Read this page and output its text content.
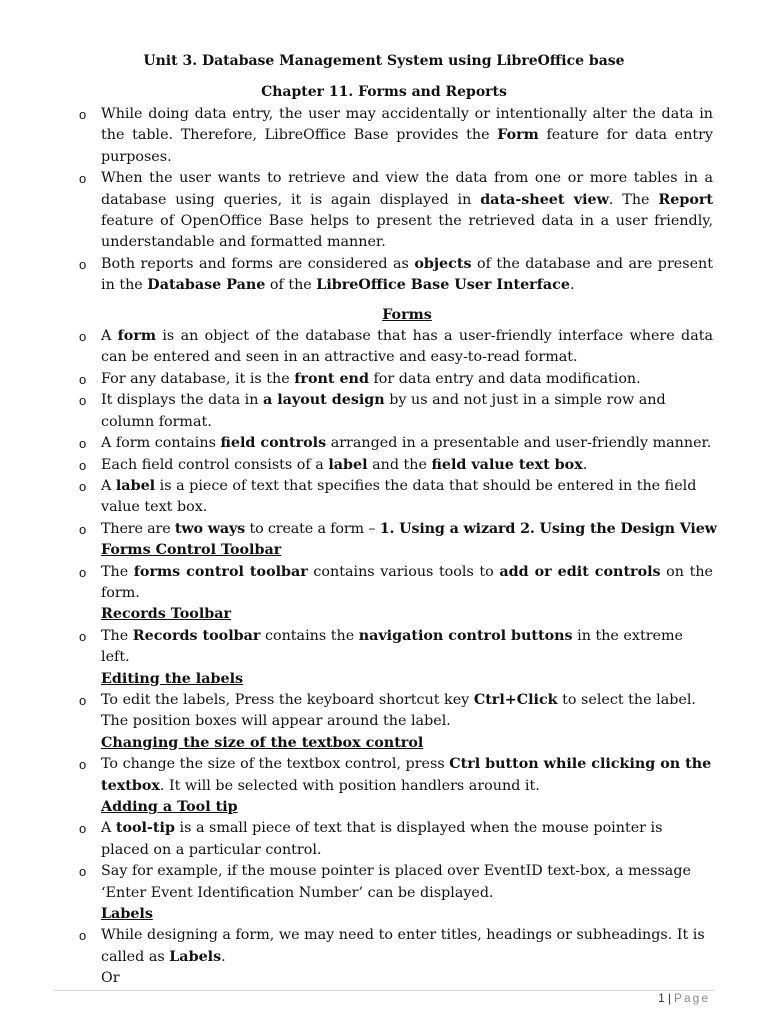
Unit 3. Database Management System using LibreOffice base
Chapter 11. Forms and Reports
o While doing data entry, the user may accidentally or intentionally alter the data in the table. Therefore, LibreOffice Base provides the Form feature for data entry purposes.
o When the user wants to retrieve and view the data from one or more tables in a database using queries, it is again displayed in data-sheet view. The Report feature of OpenOffice Base helps to present the retrieved data in a user friendly, understandable and formatted manner.
o Both reports and forms are considered as objects of the database and are present in the Database Pane of the LibreOffice Base User Interface.
Forms
o A form is an object of the database that has a user-friendly interface where data can be entered and seen in an attractive and easy-to-read format.
o For any database, it is the front end for data entry and data modification.
o It displays the data in a layout design by us and not just in a simple row and column format.
o A form contains field controls arranged in a presentable and user-friendly manner.
o Each field control consists of a label and the field value text box.
o A label is a piece of text that specifies the data that should be entered in the field value text box.
o There are two ways to create a form – 1. Using a wizard 2. Using the Design View
Forms Control Toolbar
o The forms control toolbar contains various tools to add or edit controls on the form.
Records Toolbar
o The Records toolbar contains the navigation control buttons in the extreme left.
Editing the labels
o To edit the labels, Press the keyboard shortcut key Ctrl+Click to select the label. The position boxes will appear around the label.
Changing the size of the textbox control
o To change the size of the textbox control, press Ctrl button while clicking on the textbox. It will be selected with position handlers around it.
Adding a Tool tip
o A tool-tip is a small piece of text that is displayed when the mouse pointer is placed on a particular control.
o Say for example, if the mouse pointer is placed over EventID text-box, a message ‘Enter Event Identification Number’ can be displayed.
Labels
o While designing a form, we may need to enter titles, headings or subheadings. It is called as Labels.
Or
1 | Page
